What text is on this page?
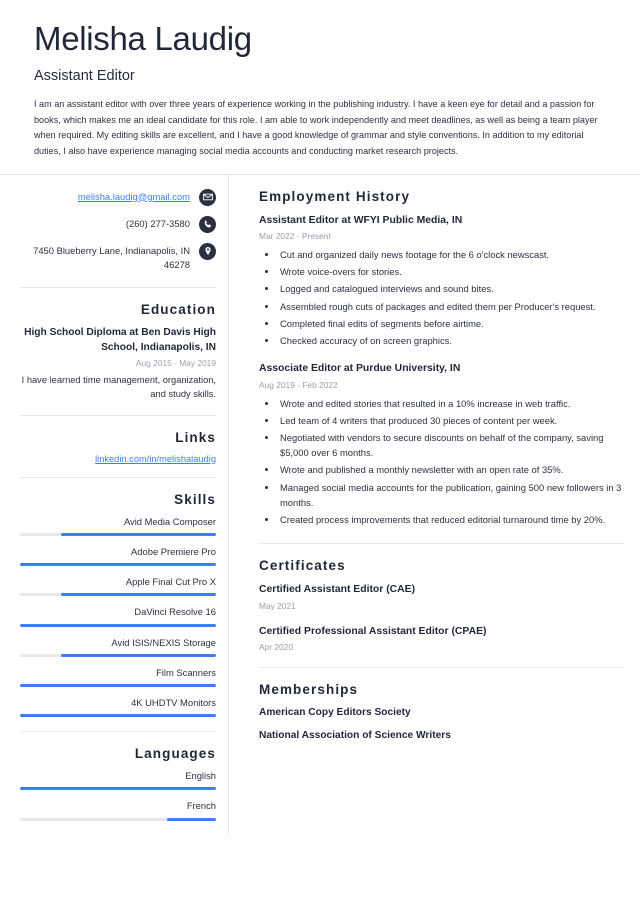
Melisha Laudig
Assistant Editor
I am an assistant editor with over three years of experience working in the publishing industry. I have a keen eye for detail and a passion for books, which makes me an ideal candidate for this role. I am able to work independently and meet deadlines, as well as being a team player when required. My editing skills are excellent, and I have a good knowledge of grammar and style conventions. In addition to my editorial duties, I also have experience managing social media accounts and conducting market research projects.
melisha.laudig@gmail.com
(260) 277-3580
7450 Blueberry Lane, Indianapolis, IN 46278
Education
High School Diploma at Ben Davis High School, Indianapolis, IN
Aug 2015 - May 2019
I have learned time management, organization, and study skills.
Links
linkedin.com/in/melishalaudig
Skills
Avid Media Composer
Adobe Premiere Pro
Apple Final Cut Pro X
DaVinci Resolve 16
Avid ISIS/NEXIS Storage
Film Scanners
4K UHDTV Monitors
Languages
English
French
Employment History
Assistant Editor at WFYI Public Media, IN
Mar 2022 - Present
• Cut and organized daily news footage for the 6 o'clock newscast.
• Wrote voice-overs for stories.
• Logged and catalogued interviews and sound bites.
• Assembled rough cuts of packages and edited them per Producer's request.
• Completed final edits of segments before airtime.
• Checked accuracy of on screen graphics.
Associate Editor at Purdue University, IN
Aug 2019 - Feb 2022
• Wrote and edited stories that resulted in a 10% increase in web traffic.
• Led team of 4 writers that produced 30 pieces of content per week.
• Negotiated with vendors to secure discounts on behalf of the company, saving $5,000 over 6 months.
• Wrote and published a monthly newsletter with an open rate of 35%.
• Managed social media accounts for the publication, gaining 500 new followers in 3 months.
• Created process improvements that reduced editorial turnaround time by 20%.
Certificates
Certified Assistant Editor (CAE)
May 2021
Certified Professional Assistant Editor (CPAE)
Apr 2020
Memberships
American Copy Editors Society
National Association of Science Writers
